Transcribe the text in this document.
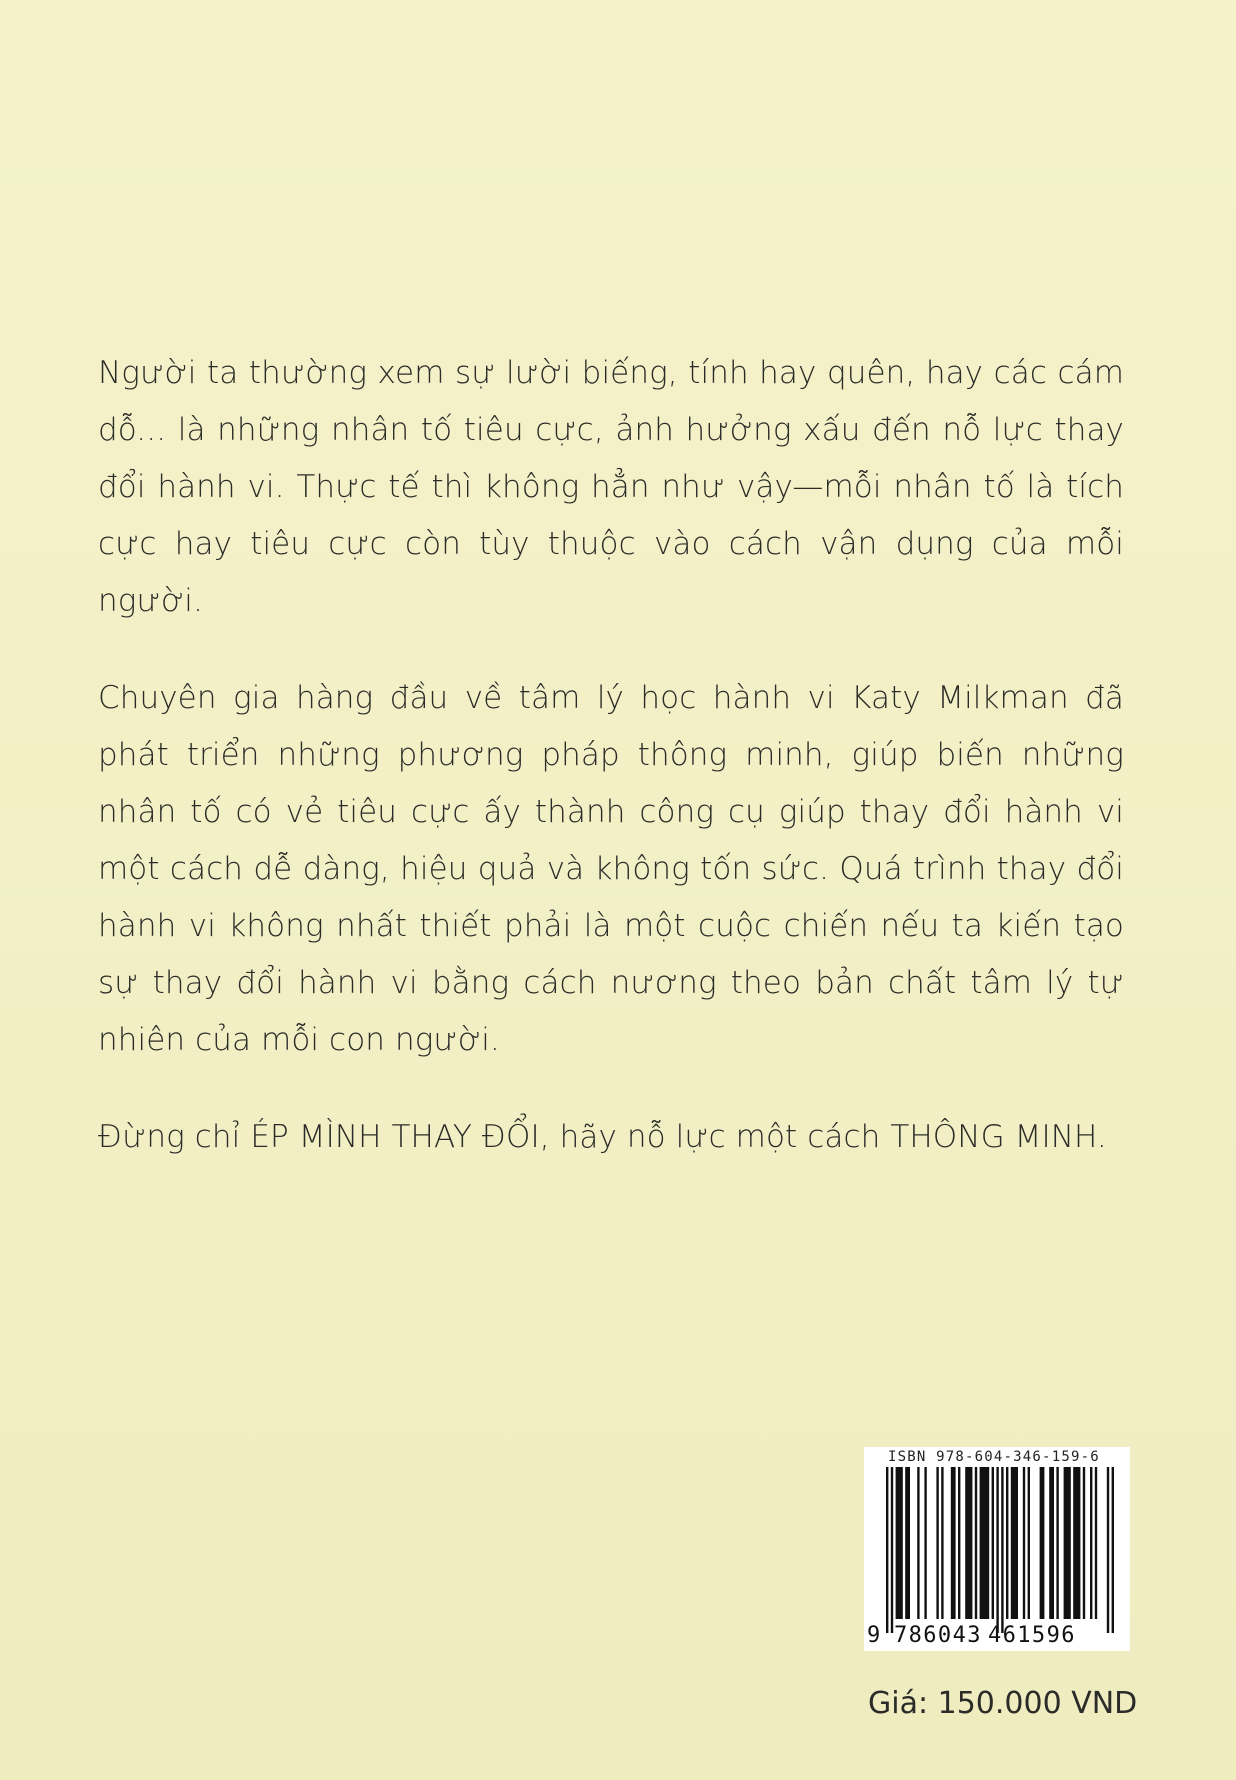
Người ta thường xem sự lười biếng, tính hay quên, hay các cám dỗ... là những nhân tố tiêu cực, ảnh hưởng xấu đến nỗ lực thay đổi hành vi. Thực tế thì không hẳn như vậy—mỗi nhân tố là tích cực hay tiêu cực còn tùy thuộc vào cách vận dụng của mỗi người.

Chuyên gia hàng đầu về tâm lý học hành vi Katy Milkman đã phát triển những phương pháp thông minh, giúp biến những nhân tố có vẻ tiêu cực ấy thành công cụ giúp thay đổi hành vi một cách dễ dàng, hiệu quả và không tốn sức. Quá trình thay đổi hành vi không nhất thiết phải là một cuộc chiến nếu ta kiến tạo sự thay đổi hành vi bằng cách nương theo bản chất tâm lý tự nhiên của mỗi con người.

Đừng chỉ ÉP MÌNH THAY ĐỔI, hãy nỗ lực một cách THÔNG MINH.

ISBN 978-604-346-159-6
9 786043 461596
Giá: 150.000 VND
